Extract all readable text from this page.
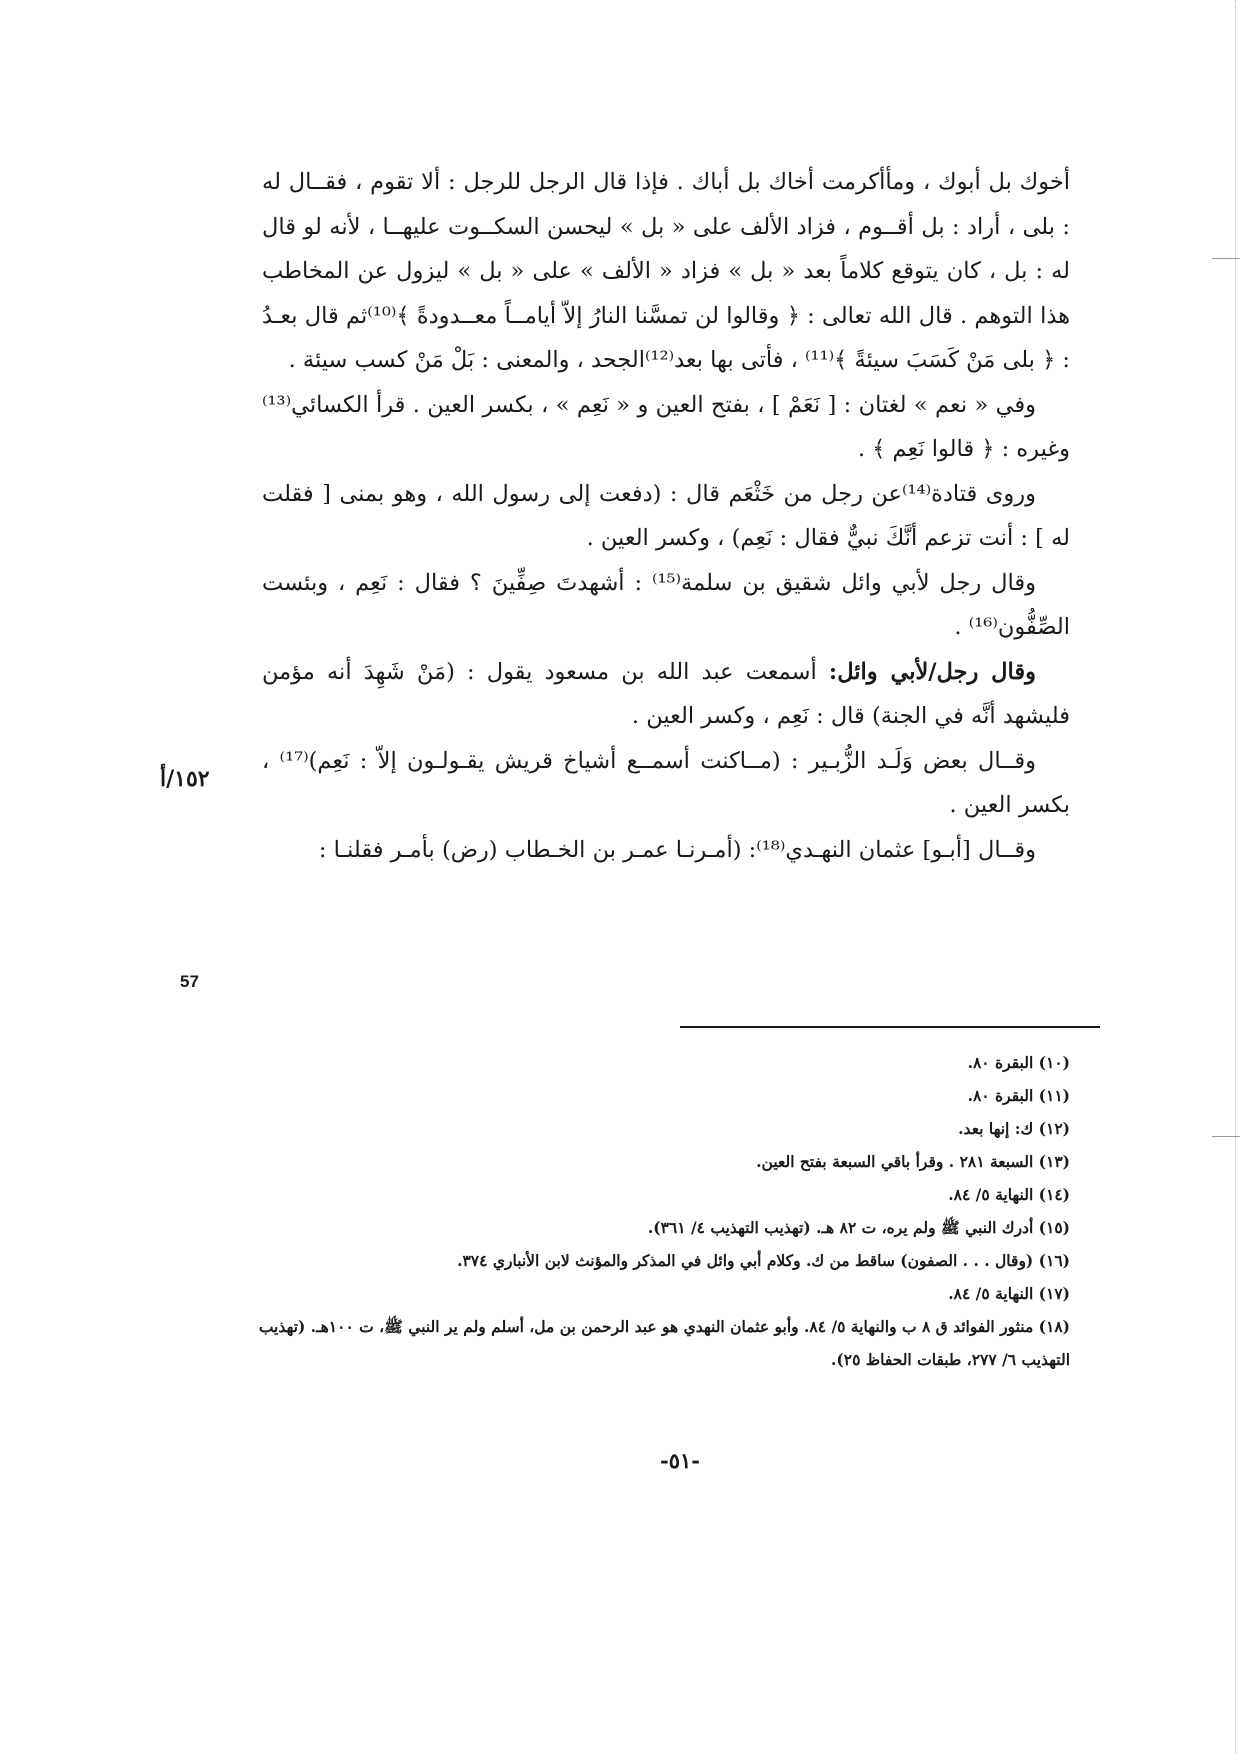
أخوك بل أبوك ، ومأأكرمت أخاك بل أباك . فإذا قال الرجل للرجل : ألا تقوم ، فقــال له : بلى ، أراد : بل أقــوم ، فزاد الألف على « بل » ليحسن السكــوت عليهــا ، لأنه لو قال له : بل ، كان يتوقع كلاماً بعد « بل » فزاد « الألف » على « بل » ليزول عن المخاطب هذا التوهم . قال الله تعالى : ﴿ وقالوا لن تمسَّنا النارُ إلاّ أيامــاً معــدودةً ﴾⁽¹⁰⁾ثم قال بعـدُ : ﴿ بلى مَنْ كَسَبَ سيئةً ﴾⁽¹¹⁾ ، فأتى بها بعد⁽¹²⁾الجحد ، والمعنى : بَلْ مَنْ كسب سيئة .

وفي « نعم » لغتان : [ نَعَمْ ] ، بفتح العين و « نَعِم » ، بكسر العين . قرأ الكسائي⁽¹³⁾وغيره : ﴿ قالوا نَعِم ﴾ .

وروى قتادة⁽¹⁴⁾عن رجل من خَثْعَم قال : (دفعت إلى رسول الله ، وهو بمنى [ فقلت له ] : أنت تزعم أنَّكَ نبيٌّ فقال : نَعِم) ، وكسر العين .

وقال رجل لأبي وائل شقيق بن سلمة⁽¹⁵⁾ : أشهدتَ صِفِّينَ ؟ فقال : نَعِم ، وبئست الصِّفُّون⁽¹⁶⁾ .

وقال رجل/لأبي وائل: أسمعت عبد الله بن مسعود يقول : (مَنْ شَهِدَ أنه مؤمن فليشهد أنَّه في الجنة) قال : نَعِم ، وكسر العين .

وقــال بعض وَلَـد الزُّبـير : (مــاكنت أسمــع أشياخ قريش يقـولـون إلاّ : نَعِم)⁽¹⁷⁾ ، بكسر العين .

وقــال [أبـو] عثمان النهـدي⁽¹⁸⁾: (أمـرنـا عمـر بن الخـطاب (رض) بأمـر فقلنـا :

١٥٢/أ
57

(١٠) البقرة ٨٠.

(١١) البقرة ٨٠.

(١٢) ك: إنها بعد.

(١٣) السبعة ٢٨١ . وقرأ باقي السبعة بفتح العين.

(١٤) النهاية ٥/ ٨٤.

(١٥) أدرك النبي ﷺ ولم يره، ت ٨٢ هـ. (تهذيب التهذيب ٤/ ٣٦١).

(١٦) (وقال . . . الصفون) ساقط من ك. وكلام أبي وائل في المذكر والمؤنث لابن الأنباري ٣٧٤.

(١٧) النهاية ٥/ ٨٤.

(١٨) منثور الفوائد ق ٨ ب والنهاية ٥/ ٨٤. وأبو عثمان النهدي هو عبد الرحمن بن مل، أسلم ولم ير النبي ﷺ، ت ١٠٠هـ. (تهذيب التهذيب ٦/ ٢٧٧، طبقات الحفاظ ٢٥).

-٥١-
